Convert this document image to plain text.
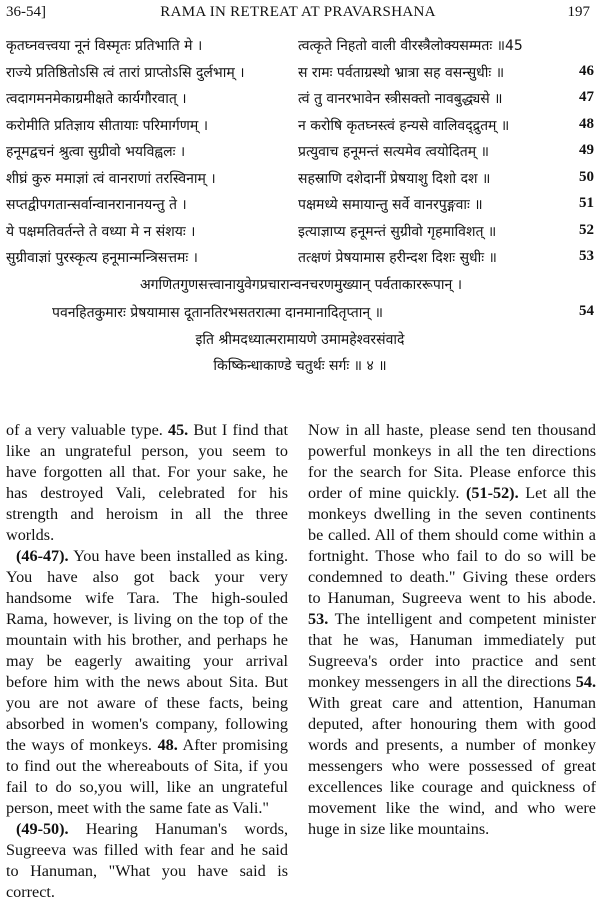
36-54]	RAMA IN RETREAT AT PRAVARSHANA	197
कृतघ्नवत्त्वया नूनं विस्मृतः प्रतिभाति मे ।	त्वत्कृते निहतो वाली वीरस्त्रैलोक्यसम्मतः ॥45
राज्ये प्रतिष्ठितोऽसि त्वं तारां प्राप्तोऽसि दुर्लभाम् ।	स रामः पर्वताग्रस्थो भ्रात्रा सह वसन्सुधीः ॥	46
त्वदागमनमेकाग्रमीक्षते कार्यगौरवात् ।	त्वं तु वानरभावेन स्त्रीसक्तो नावबुद्ध्यसे ॥	47
करोमीति प्रतिज्ञाय सीतायाः परिमार्गणम् ।	न करोषि कृतघ्नस्त्वं हन्यसे वालिवद्द्रुतम् ॥	48
हनूमद्वचनं श्रुत्वा सुग्रीवो भयविह्वलः ।	प्रत्युवाच हनूमन्तं सत्यमेव त्वयोदितम् ॥	49
शीघ्रं कुरु ममाज्ञां त्वं वानराणां तरस्विनाम् ।	सहस्राणि दशेदानीं प्रेषयाशु दिशो दश ॥	50
सप्तद्वीपगतान्सर्वान्वानरानानयन्तु ते ।	पक्षमध्ये समायान्तु सर्वे वानरपुङ्गवाः ॥	51
ये पक्षमतिवर्तन्ते ते वध्या मे न संशयः ।	इत्याज्ञाप्य हनूमन्तं सुग्रीवो गृहमाविशत् ॥	52
सुग्रीवाज्ञां पुरस्कृत्य हनूमान्मन्त्रिसत्तमः ।	तत्क्षणं प्रेषयामास हरीन्दश दिशः सुधीः ॥	53
अगणितगुणसत्त्वानायुवेगप्रचारान्वनचरणमुख्यान् पर्वताकाररूपान् ।
पवनहितकुमारः प्रेषयामास दूतानतिरभसतरात्मा दानमानादितृप्तान् ॥	54
इति श्रीमदध्यात्मरामायणे उमामहेश्वरसंवादे
किष्किन्धाकाण्डे चतुर्थः सर्गः ॥ ४ ॥

of a very valuable type. 45. But I find that like an ungrateful person, you seem to have forgotten all that. For your sake, he has destroyed Vali, celebrated for his strength and heroism in all the three worlds.

(46-47). You have been installed as king. You have also got back your very handsome wife Tara. The high-souled Rama, however, is living on the top of the mountain with his brother, and perhaps he may be eagerly awaiting your arrival before him with the news about Sita. But you are not aware of these facts, being absorbed in women's company, following the ways of monkeys. 48. After promising to find out the whereabouts of Sita, if you fail to do so,you will, like an ungrateful person, meet with the same fate as Vali."

(49-50). Hearing Hanuman's words, Sugreeva was filled with fear and he said to Hanuman, "What you have said is correct.

Now in all haste, please send ten thousand powerful monkeys in all the ten directions for the search for Sita. Please enforce this order of mine quickly. (51-52). Let all the monkeys dwelling in the seven continents be called. All of them should come within a fortnight. Those who fail to do so will be condemned to death." Giving these orders to Hanuman, Sugreeva went to his abode. 53. The intelligent and competent minister that he was, Hanuman immediately put Sugreeva's order into practice and sent monkey messengers in all the directions 54. With great care and attention, Hanuman deputed, after honouring them with good words and presents, a number of monkey messengers who were possessed of great excellences like courage and quickness of movement like the wind, and who were huge in size like mountains.
